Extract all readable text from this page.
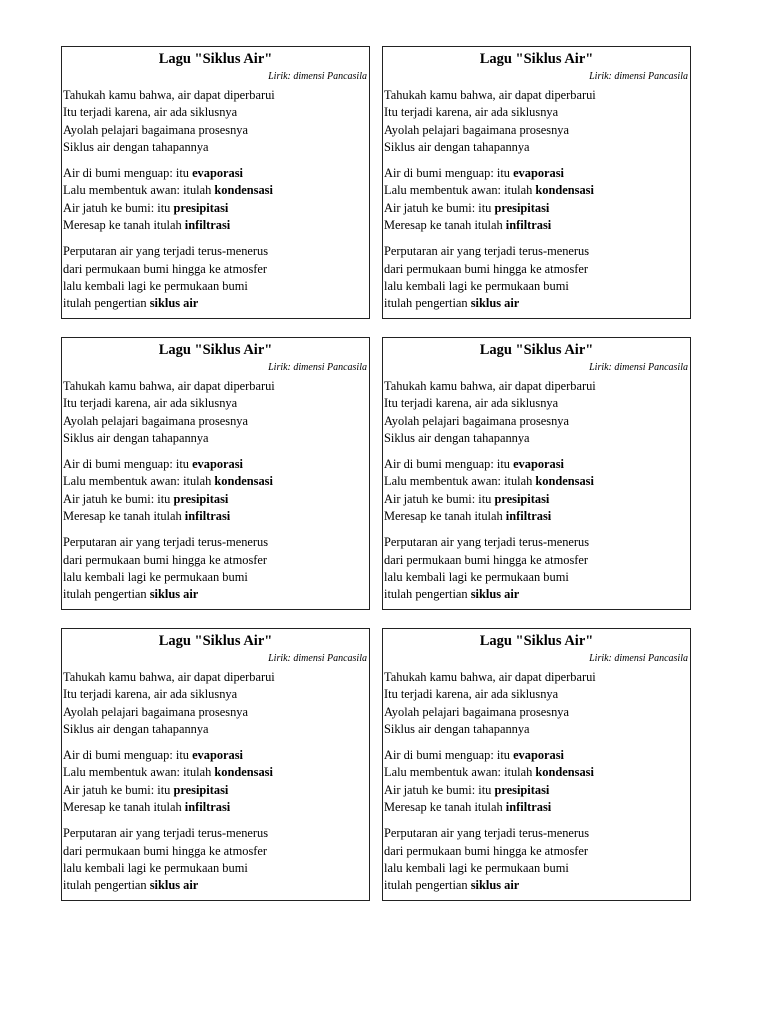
Lagu "Siklus Air"
Lirik: dimensi Pancasila
Tahukah kamu bahwa, air dapat diperbarui
Itu terjadi karena, air ada siklusnya
Ayolah pelajari bagaimana prosesnya
Siklus air dengan tahapannya
Air di bumi menguap: itu evaporasi
Lalu membentuk awan: itulah kondensasi
Air jatuh ke bumi: itu presipitasi
Meresap ke tanah itulah infiltrasi
Perputaran air yang terjadi terus-menerus
dari permukaan bumi hingga ke atmosfer
lalu kembali lagi ke permukaan bumi
itulah pengertian siklus air
Lagu "Siklus Air"
Lirik: dimensi Pancasila
Tahukah kamu bahwa, air dapat diperbarui
Itu terjadi karena, air ada siklusnya
Ayolah pelajari bagaimana prosesnya
Siklus air dengan tahapannya
Air di bumi menguap: itu evaporasi
Lalu membentuk awan: itulah kondensasi
Air jatuh ke bumi: itu presipitasi
Meresap ke tanah itulah infiltrasi
Perputaran air yang terjadi terus-menerus
dari permukaan bumi hingga ke atmosfer
lalu kembali lagi ke permukaan bumi
itulah pengertian siklus air
Lagu "Siklus Air"
Lirik: dimensi Pancasila
Tahukah kamu bahwa, air dapat diperbarui
Itu terjadi karena, air ada siklusnya
Ayolah pelajari bagaimana prosesnya
Siklus air dengan tahapannya
Air di bumi menguap: itu evaporasi
Lalu membentuk awan: itulah kondensasi
Air jatuh ke bumi: itu presipitasi
Meresap ke tanah itulah infiltrasi
Perputaran air yang terjadi terus-menerus
dari permukaan bumi hingga ke atmosfer
lalu kembali lagi ke permukaan bumi
itulah pengertian siklus air
Lagu "Siklus Air"
Lirik: dimensi Pancasila
Tahukah kamu bahwa, air dapat diperbarui
Itu terjadi karena, air ada siklusnya
Ayolah pelajari bagaimana prosesnya
Siklus air dengan tahapannya
Air di bumi menguap: itu evaporasi
Lalu membentuk awan: itulah kondensasi
Air jatuh ke bumi: itu presipitasi
Meresap ke tanah itulah infiltrasi
Perputaran air yang terjadi terus-menerus
dari permukaan bumi hingga ke atmosfer
lalu kembali lagi ke permukaan bumi
itulah pengertian siklus air
Lagu "Siklus Air"
Lirik: dimensi Pancasila
Tahukah kamu bahwa, air dapat diperbarui
Itu terjadi karena, air ada siklusnya
Ayolah pelajari bagaimana prosesnya
Siklus air dengan tahapannya
Air di bumi menguap: itu evaporasi
Lalu membentuk awan: itulah kondensasi
Air jatuh ke bumi: itu presipitasi
Meresap ke tanah itulah infiltrasi
Perputaran air yang terjadi terus-menerus
dari permukaan bumi hingga ke atmosfer
lalu kembali lagi ke permukaan bumi
itulah pengertian siklus air
Lagu "Siklus Air"
Lirik: dimensi Pancasila
Tahukah kamu bahwa, air dapat diperbarui
Itu terjadi karena, air ada siklusnya
Ayolah pelajari bagaimana prosesnya
Siklus air dengan tahapannya
Air di bumi menguap: itu evaporasi
Lalu membentuk awan: itulah kondensasi
Air jatuh ke bumi: itu presipitasi
Meresap ke tanah itulah infiltrasi
Perputaran air yang terjadi terus-menerus
dari permukaan bumi hingga ke atmosfer
lalu kembali lagi ke permukaan bumi
itulah pengertian siklus air
